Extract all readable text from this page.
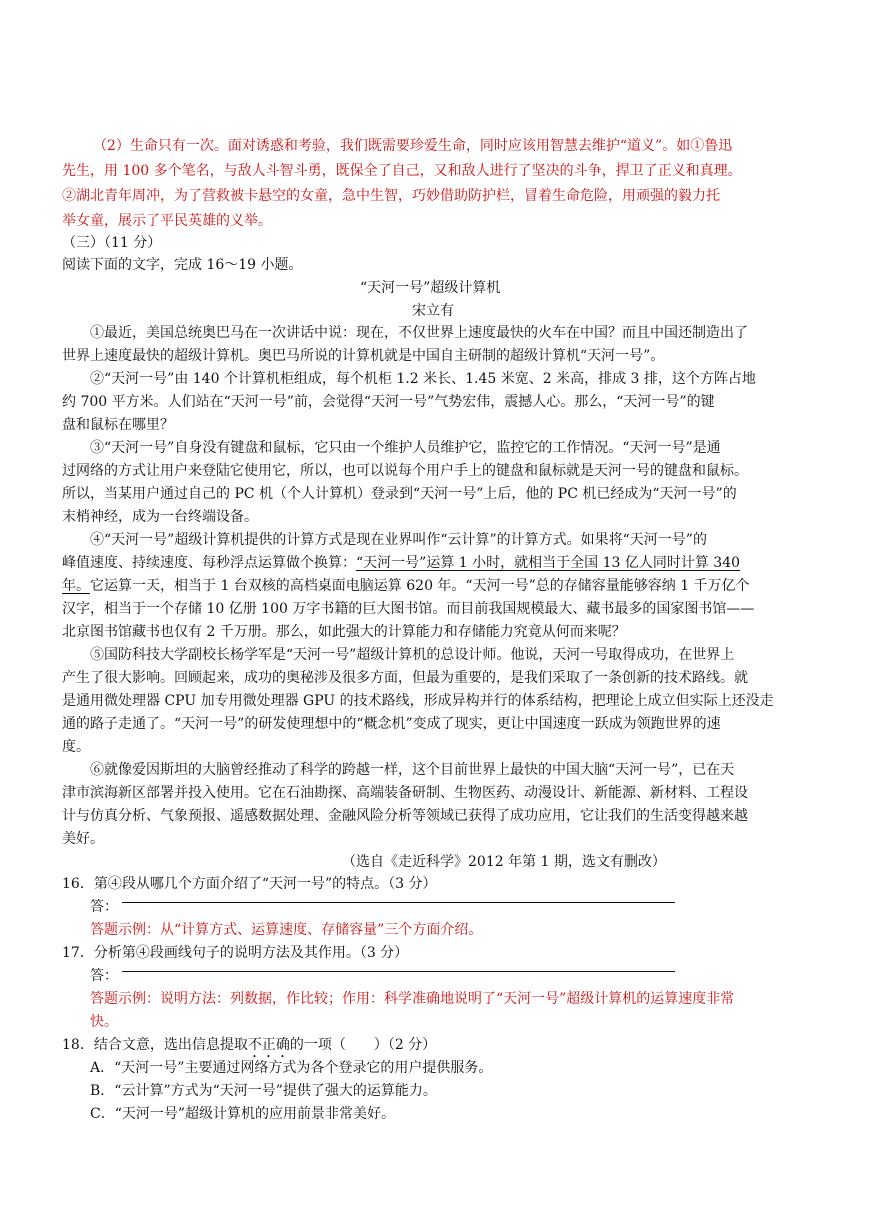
（2）生命只有一次。面对诱惑和考验，我们既需要珍爱生命，同时应该用智慧去维护“道义”。如①鲁迅
先生，用 100 多个笔名，与敌人斗智斗勇，既保全了自己，又和敌人进行了坚决的斗争，捍卫了正义和真理。
②湖北青年周冲，为了营救被卡悬空的女童，急中生智，巧妙借助防护栏，冒着生命危险，用顽强的毅力托
举女童，展示了平民英雄的义举。
（三）（11 分）
阅读下面的文字，完成 16～19 小题。
“天河一号”超级计算机
宋立有
①最近，美国总统奥巴马在一次讲话中说：现在，不仅世界上速度最快的火车在中国？而且中国还制造出了
世界上速度最快的超级计算机。奥巴马所说的计算机就是中国自主研制的超级计算机“天河一号”。
②“天河一号”由 140 个计算机柜组成，每个机柜 1.2 米长、1.45 米宽、2 米高，排成 3 排，这个方阵占地
约 700 平方米。人们站在“天河一号”前，会觉得“天河一号”气势宏伟，震撼人心。那么，“天河一号”的键
盘和鼠标在哪里？
③“天河一号”自身没有键盘和鼠标，它只由一个维护人员维护它，监控它的工作情况。“天河一号”是通
过网络的方式让用户来登陆它使用它，所以，也可以说每个用户手上的键盘和鼠标就是天河一号的键盘和鼠标。
所以，当某用户通过自己的 PC 机（个人计算机）登录到“天河一号”上后，他的 PC 机已经成为“天河一号”的
末梢神经，成为一台终端设备。
④“天河一号”超级计算机提供的计算方式是现在业界叫作“云计算”的计算方式。如果将“天河一号”的
峰值速度、持续速度、每秒浮点运算做个换算：“天河一号”运算 1 小时，就相当于全国 13 亿人同时计算 340
年。它运算一天，相当于 1 台双核的高档桌面电脑运算 620 年。“天河一号”总的存储容量能够容纳 1 千万亿个
汉字，相当于一个存储 10 亿册 100 万字书籍的巨大图书馆。而目前我国规模最大、藏书最多的国家图书馆——
北京图书馆藏书也仅有 2 千万册。那么，如此强大的计算能力和存储能力究竟从何而来呢？
⑤国防科技大学副校长杨学军是“天河一号”超级计算机的总设计师。他说，天河一号取得成功，在世界上
产生了很大影响。回顾起来，成功的奥秘涉及很多方面，但最为重要的，是我们采取了一条创新的技术路线。就
是通用微处理器 CPU 加专用微处理器 GPU 的技术路线，形成异构并行的体系结构，把理论上成立但实际上还没走
通的路子走通了。“天河一号”的研发使理想中的“概念机”变成了现实，更让中国速度一跃成为领跑世界的速
度。
⑥就像爱因斯坦的大脑曾经推动了科学的跨越一样，这个目前世界上最快的中国大脑“天河一号”，已在天
津市滨海新区部署并投入使用。它在石油勘探、高端装备研制、生物医药、动漫设计、新能源、新材料、工程设
计与仿真分析、气象预报、遥感数据处理、金融风险分析等领域已获得了成功应用，它让我们的生活变得越来越
美好。
（选自《走近科学》2012 年第 1 期，选文有删改）
16．第④段从哪几个方面介绍了“天河一号”的特点。（3 分）
答：
答题示例：从“计算方式、运算速度、存储容量”三个方面介绍。
17．分析第④段画线句子的说明方法及其作用。（3 分）
答：
答题示例：说明方法：列数据，作比较；作用：科学准确地说明了“天河一号”超级计算机的运算速度非常
快。
18．结合文意，选出信息提取不正确的一项（　　）（2 分）
A．“天河一号”主要通过网络方式为各个登录它的用户提供服务。
B．“云计算”方式为“天河一号”提供了强大的运算能力。
C．“天河一号”超级计算机的应用前景非常美好。
